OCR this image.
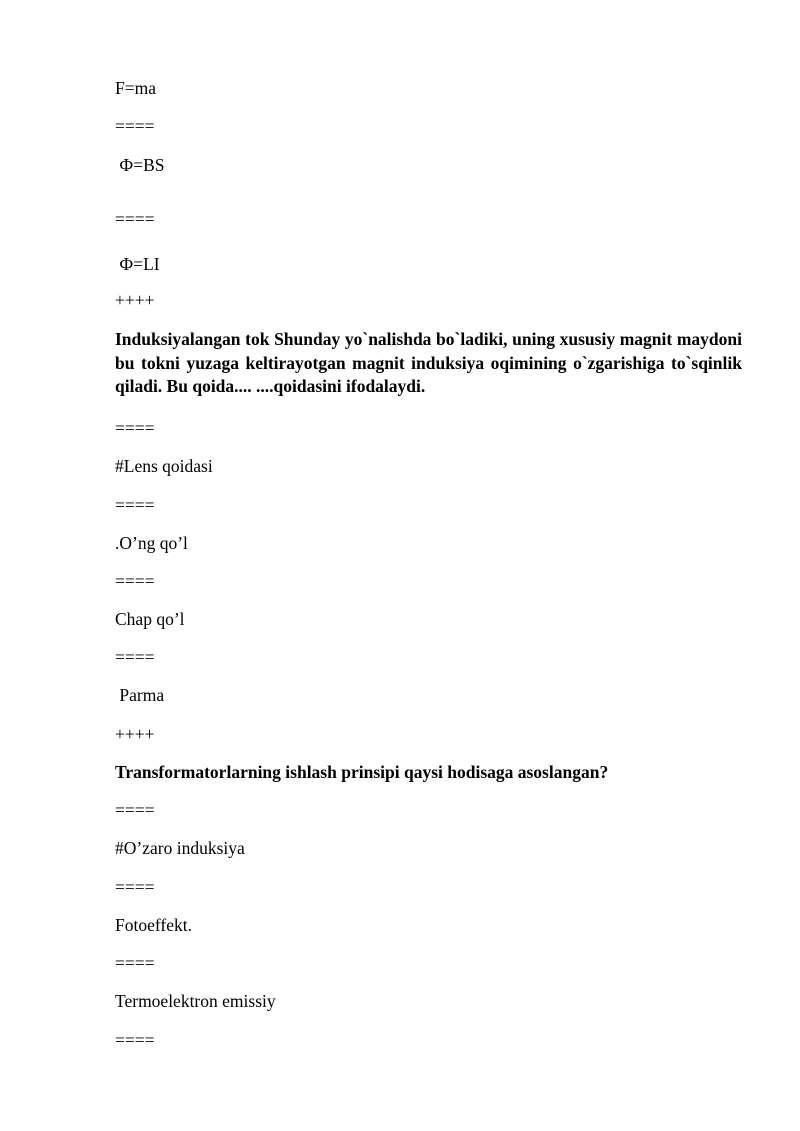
F=ma
====
Ф=BS
====
Ф=LI
++++
Induksiyalangan tok Shunday yo`nalishda bo`ladiki, uning xususiy magnit maydoni bu tokni yuzaga keltirayotgan magnit induksiya oqimining o`zgarishiga to`sqinlik qiladi. Bu qoida.... ....qoidasini ifodalaydi.
====
#Lens qoidasi
====
.O’ng qo’l
====
Chap qo’l
====
Parma
++++
Transformatorlarning ishlash prinsipi qaysi hodisaga asoslangan?
====
#O’zaro induksiya
====
Fotoeffekt.
====
Termoelektron emissiy
====
